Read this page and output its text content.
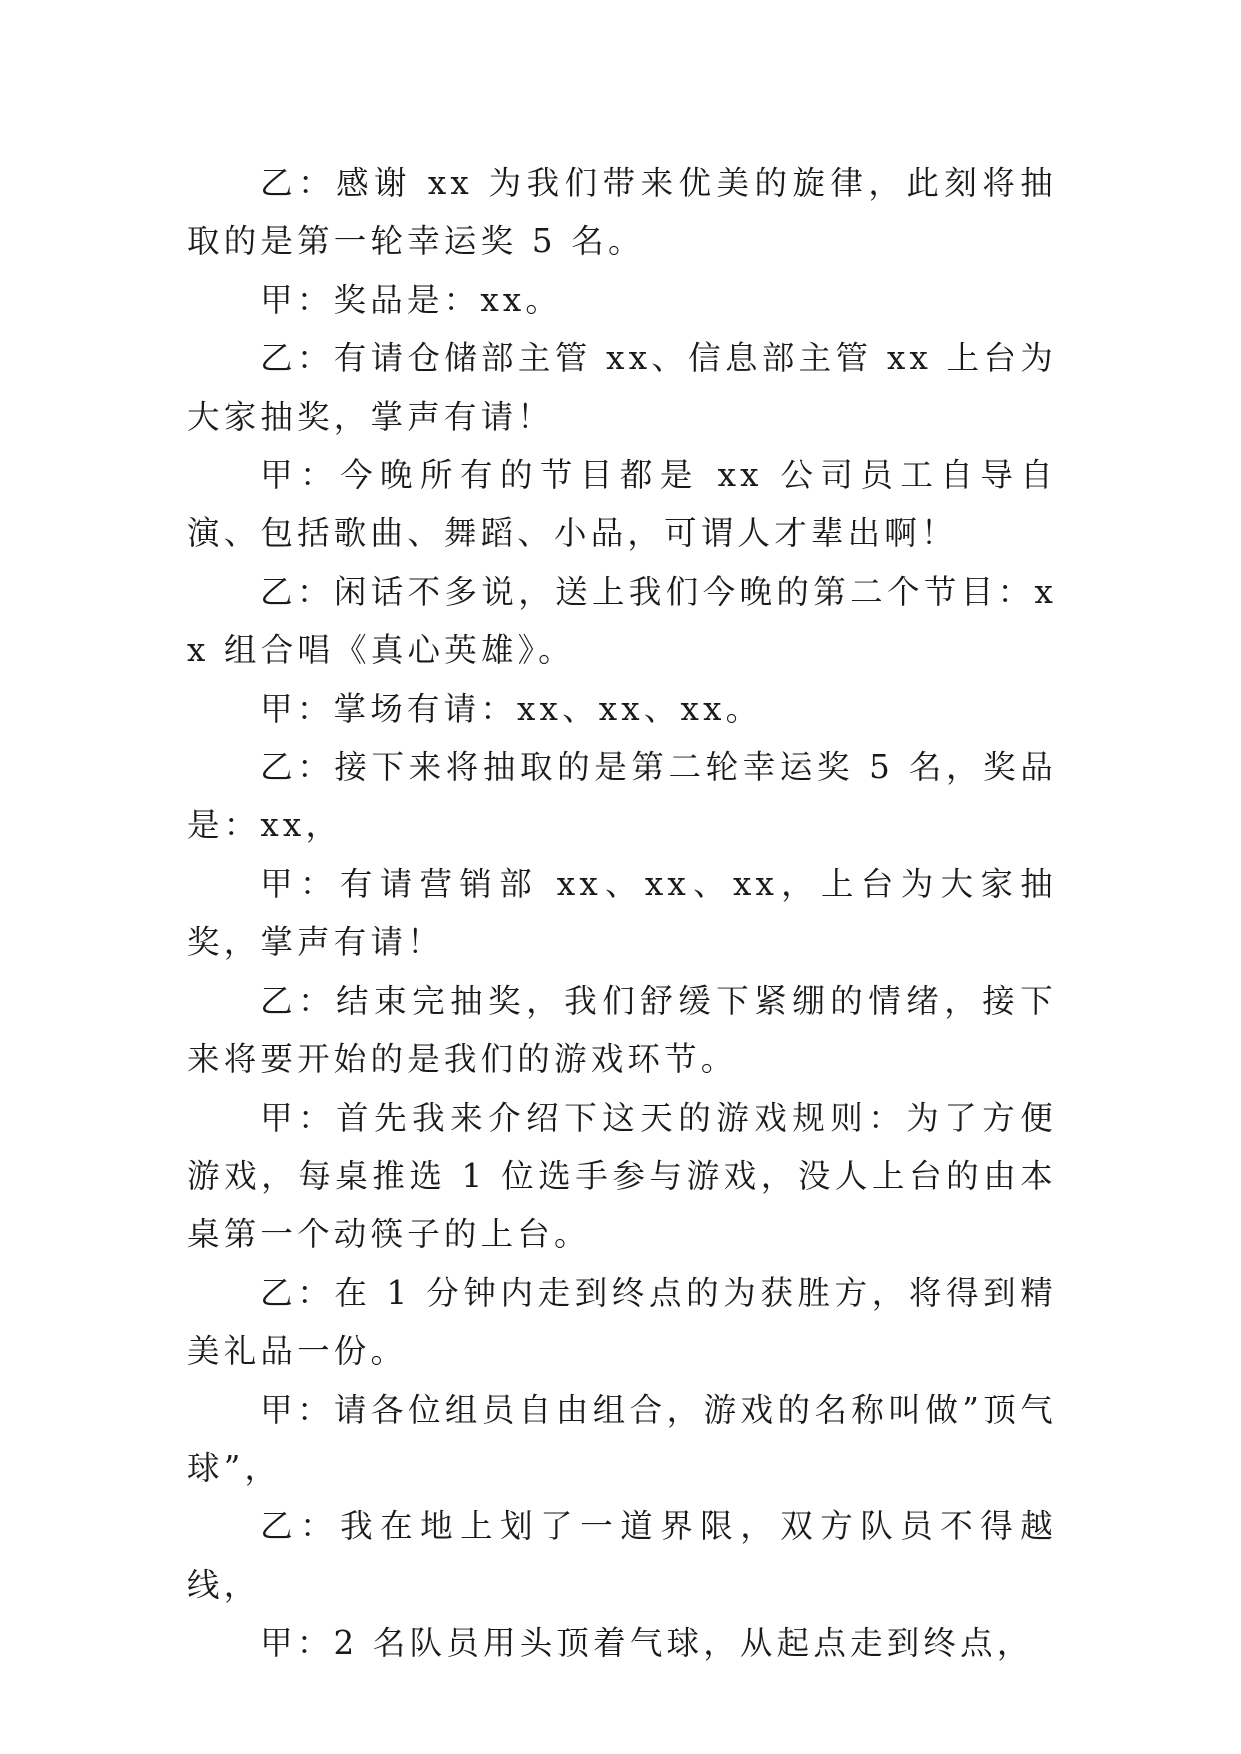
乙：感谢 xx 为我们带来优美的旋律，此刻将抽取的是第一轮幸运奖 5 名。

甲：奖品是：xx。

乙：有请仓储部主管 xx、信息部主管 xx 上台为大家抽奖，掌声有请！

甲：今晚所有的节目都是 xx 公司员工自导自演、包括歌曲、舞蹈、小品，可谓人才辈出啊！

乙：闲话不多说，送上我们今晚的第二个节目：xx 组合唱《真心英雄》。

甲：掌场有请：xx、xx、xx。

乙：接下来将抽取的是第二轮幸运奖 5 名，奖品是：xx，

甲：有请营销部 xx、xx、xx，上台为大家抽奖，掌声有请！

乙：结束完抽奖，我们舒缓下紧绷的情绪，接下来将要开始的是我们的游戏环节。

甲：首先我来介绍下这天的游戏规则：为了方便游戏，每桌推选 1 位选手参与游戏，没人上台的由本桌第一个动筷子的上台。

乙：在 1 分钟内走到终点的为获胜方，将得到精美礼品一份。

甲：请各位组员自由组合，游戏的名称叫做”顶气球”，

乙：我在地上划了一道界限，双方队员不得越线，

甲：2 名队员用头顶着气球，从起点走到终点，
